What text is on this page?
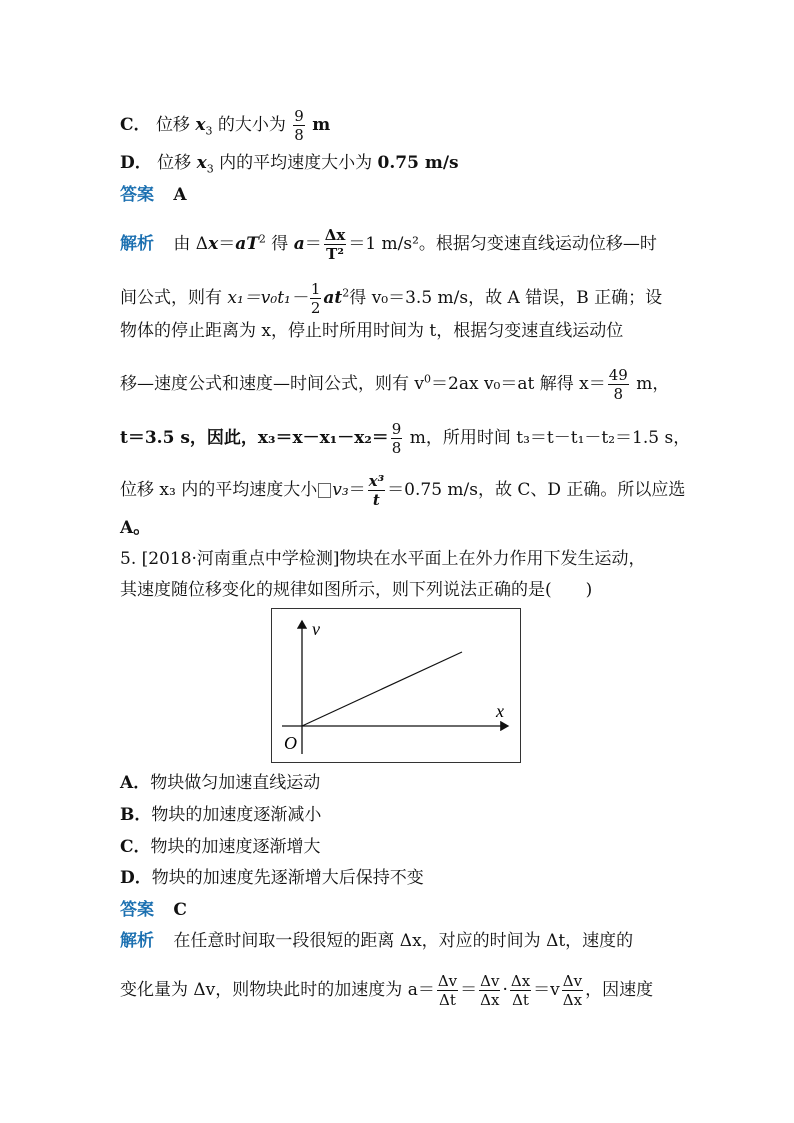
C． 位移 $x_3$ 的大小为 $\frac{9}{8}$ m
D． 位移 $x_3$ 内的平均速度大小为 0.75 m/s
答案 A
解析 由 $\Delta x=aT^2$ 得 $a= \frac{\Delta x}{\text{T²}} =1$ m/s²。根据匀变速直线运动位移—时
间公式，则有 $x_1=v_0t_1- \frac{1}{2} at^2$得 v₀＝3.5 m/s，故 A 错误，B 正确；设
物体的停止距离为 x，停止时所用时间为 t，根据匀变速直线运动位
移—速度公式和速度—时间公式，则有 $v^0=2ax$ v₀＝at 解得 $x= \frac{49}{8}$ m，
t＝3.5 s，因此，$x_3=x-x_1-x_2= \frac{9}{8}$ m，所用时间 t₃＝t－t₁－t₂＝1.5 s，
位移 x₃ 内的平均速度大小 $v_3= \frac{\text{x³}}{t} =0.75$ m/s，故 C、D 正确。所以应选
A。
5. [2018·河南重点中学检测]物块在水平面上在外力作用下发生运动，
其速度随位移变化的规律如图所示，则下列说法正确的是(　　)
v
x
O
A．物块做匀加速直线运动
B．物块的加速度逐渐减小
C．物块的加速度逐渐增大
D．物块的加速度先逐渐增大后保持不变
答案 C
解析 在任意时间取一段很短的距离 Δx，对应的时间为 Δt，速度的
变化量为 Δv，则物块此时的加速度为 $a= \frac{\Delta v}{\Delta t} = \frac{\Delta v}{\Delta x} \cdot \frac{\Delta x}{\Delta t} =v \frac{\Delta v}{\Delta x}$ ，因速度
